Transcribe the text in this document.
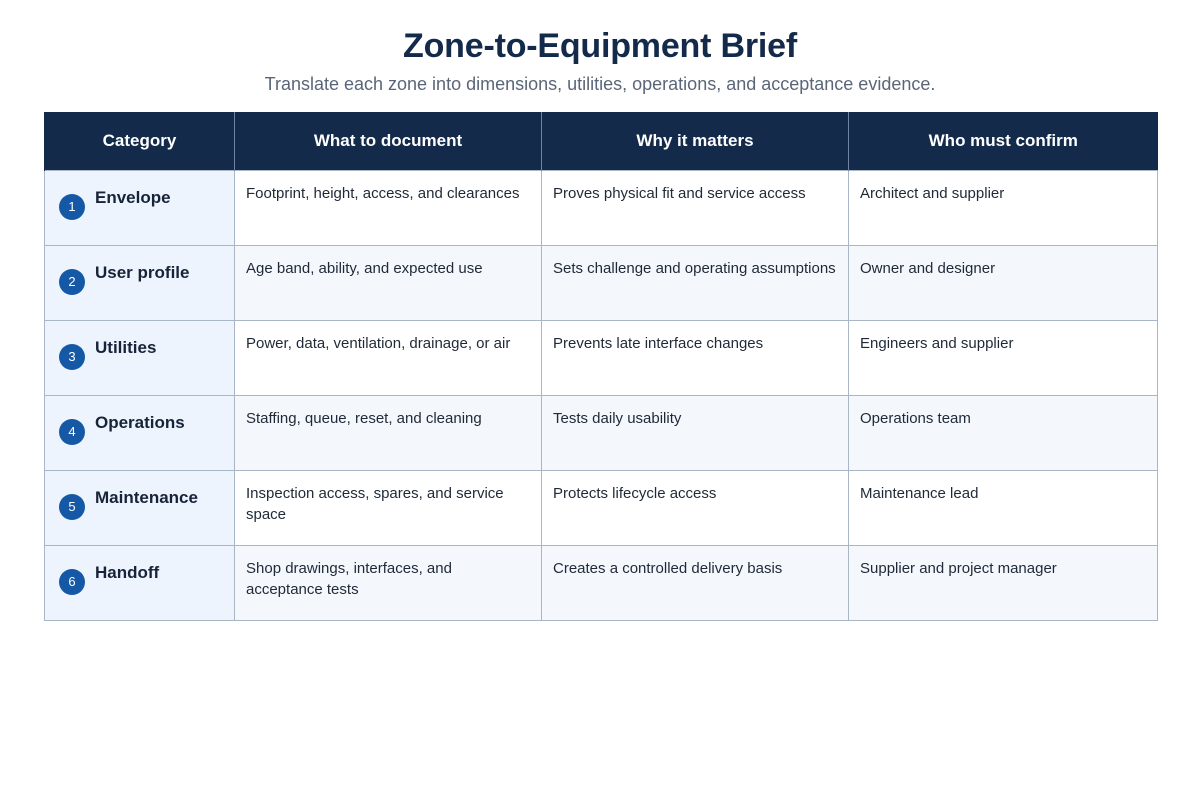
Zone-to-Equipment Brief
Translate each zone into dimensions, utilities, operations, and acceptance evidence.
Category	What to document	Why it matters	Who must confirm

1 Envelope	Footprint, height, access, and clearances	Proves physical fit and service access	Architect and supplier

2 User profile	Age band, ability, and expected use	Sets challenge and operating assumptions	Owner and designer

3 Utilities	Power, data, ventilation, drainage, or air	Prevents late interface changes	Engineers and supplier

4 Operations	Staffing, queue, reset, and cleaning	Tests daily usability	Operations team

5 Maintenance	Inspection access, spares, and service space	Protects lifecycle access	Maintenance lead

6 Handoff	Shop drawings, interfaces, and acceptance tests	Creates a controlled delivery basis	Supplier and project manager
